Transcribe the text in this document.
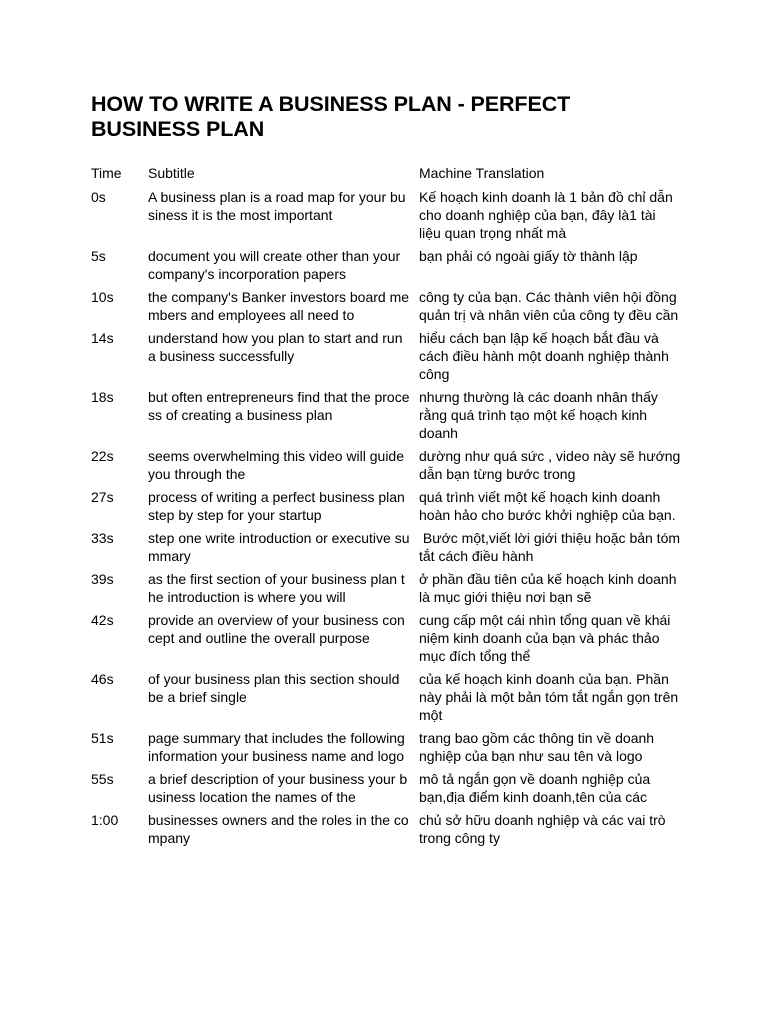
HOW TO WRITE A BUSINESS PLAN - PERFECT BUSINESS PLAN
Time	Subtitle	Machine Translation
0s	A business plan is a road map for your business it is the most important	Kế hoạch kinh doanh là 1 bản đồ chỉ dẫn cho doanh nghiệp của bạn, đây là1 tài liệu quan trọng nhất mà
5s	document you will create other than your company's incorporation papers	bạn phải có ngoài giấy tờ thành lập
10s	the company's Banker investors board members and employees all need to	công ty của bạn. Các thành viên hội đồng quản trị và nhân viên của công ty đều cần
14s	understand how you plan to start and run a business successfully	hiểu cách bạn lập kế hoạch bắt đầu và cách điều hành một doanh nghiệp thành công
18s	but often entrepreneurs find that the process of creating a business plan	nhưng thường là các doanh nhân thấy rằng quá trình tạo một kế hoạch kinh doanh
22s	seems overwhelming this video will guide you through the	dường như quá sức , video này sẽ hướng dẫn bạn từng bước trong
27s	process of writing a perfect business plan step by step for your startup	quá trình viết một kế hoạch kinh doanh hoàn hảo cho bước khởi nghiệp của bạn.
33s	step one write introduction or executive summary	Bước một,viết lời giới thiệu hoặc bản tóm tắt cách điều hành
39s	as the first section of your business plan the introduction is where you will	ở phần đầu tiên của kế hoạch kinh doanh là mục giới thiệu nơi bạn sẽ
42s	provide an overview of your business concept and outline the overall purpose	cung cấp một cái nhìn tổng quan về khái niệm kinh doanh của bạn và phác thảo mục đích tổng thể
46s	of your business plan this section should be a brief single	của kế hoạch kinh doanh của bạn. Phần này phải là một bản tóm tắt ngắn gọn trên một
51s	page summary that includes the following information your business name and logo	trang bao gồm các thông tin về doanh nghiệp của bạn như sau tên và logo
55s	a brief description of your business your business location the names of the	mô tả ngắn gọn về doanh nghiệp của bạn,địa điểm kinh doanh,tên của các
1:00	businesses owners and the roles in the company	chủ sở hữu doanh nghiệp và các vai trò trong công ty
